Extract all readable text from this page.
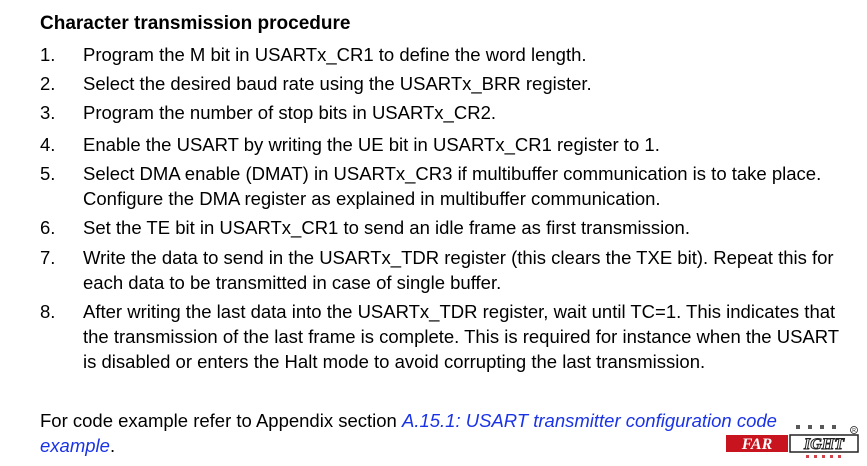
Character transmission procedure
1.	Program the M bit in USARTx_CR1 to define the word length.
2.	Select the desired baud rate using the USARTx_BRR register.
3.	Program the number of stop bits in USARTx_CR2.
4.	Enable the USART by writing the UE bit in USARTx_CR1 register to 1.
5.	Select DMA enable (DMAT) in USARTx_CR3 if multibuffer communication is to take place. Configure the DMA register as explained in multibuffer communication.
6.	Set the TE bit in USARTx_CR1 to send an idle frame as first transmission.
7.	Write the data to send in the USARTx_TDR register (this clears the TXE bit). Repeat this for each data to be transmitted in case of single buffer.
8.	After writing the last data into the USARTx_TDR register, wait until TC=1. This indicates that the transmission of the last frame is complete. This is required for instance when the USART is disabled or enters the Halt mode to avoid corrupting the last transmission.
For code example refer to Appendix section A.15.1: USART transmitter configuration code example.
R
FAR IGHT
